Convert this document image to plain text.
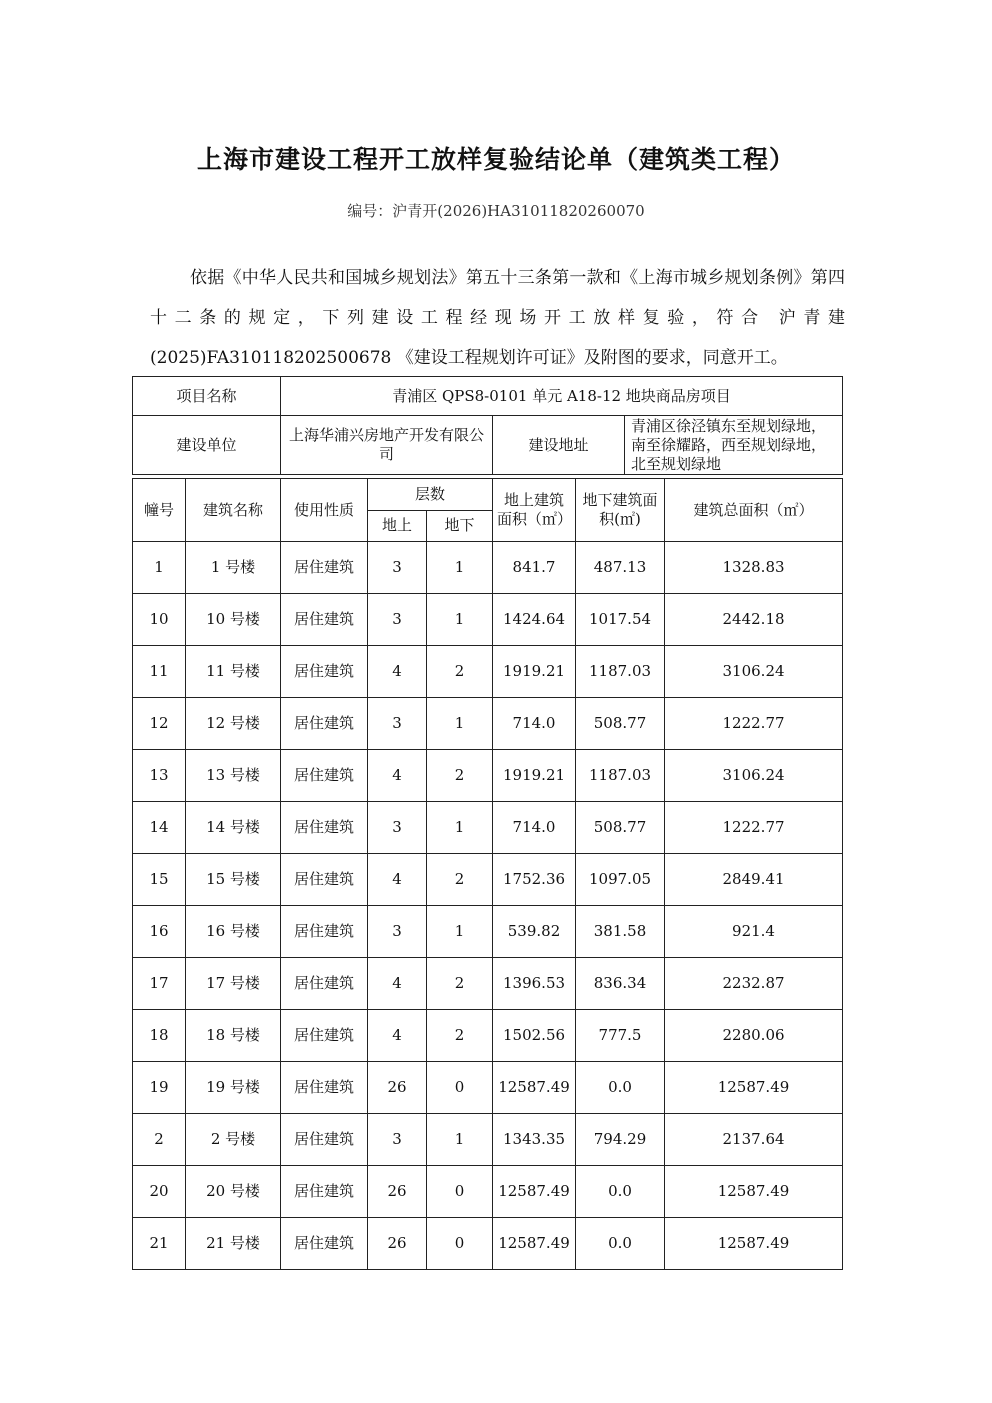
上海市建设工程开工放样复验结论单（建筑类工程）
编号：沪青开(2026)HA31011820260070
依据《中华人民共和国城乡规划法》第五十三条第一款和《上海市城乡规划条例》第四十二条的规定，下列建设工程经现场开工放样复验，符合 沪青建(2025)FA310118202500678 《建设工程规划许可证》及附图的要求，同意开工。
项目名称	青浦区 QPS8-0101 单元 A18-12 地块商品房项目		
建设单位	上海华浦兴房地产开发有限公司	建设地址	青浦区徐泾镇东至规划绿地，南至徐耀路，西至规划绿地，北至规划绿地
幢号	建筑名称	使用性质	层数		地上建筑面积（㎡）	地下建筑面积(㎡)	建筑总面积（㎡）
			地上	地下			
1	1 号楼	居住建筑	3	1	841.7	487.13	1328.83
10	10 号楼	居住建筑	3	1	1424.64	1017.54	2442.18
11	11 号楼	居住建筑	4	2	1919.21	1187.03	3106.24
12	12 号楼	居住建筑	3	1	714.0	508.77	1222.77
13	13 号楼	居住建筑	4	2	1919.21	1187.03	3106.24
14	14 号楼	居住建筑	3	1	714.0	508.77	1222.77
15	15 号楼	居住建筑	4	2	1752.36	1097.05	2849.41
16	16 号楼	居住建筑	3	1	539.82	381.58	921.4
17	17 号楼	居住建筑	4	2	1396.53	836.34	2232.87
18	18 号楼	居住建筑	4	2	1502.56	777.5	2280.06
19	19 号楼	居住建筑	26	0	12587.49	0.0	12587.49
2	2 号楼	居住建筑	3	1	1343.35	794.29	2137.64
20	20 号楼	居住建筑	26	0	12587.49	0.0	12587.49
21	21 号楼	居住建筑	26	0	12587.49	0.0	12587.49
